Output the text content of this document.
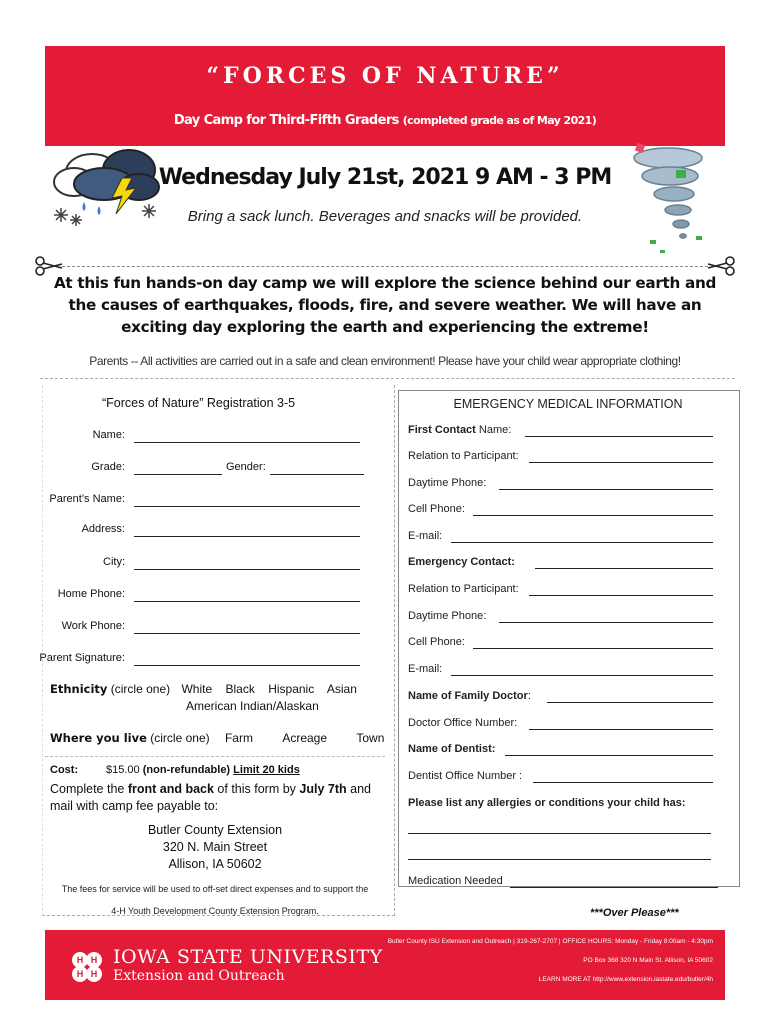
“FORCES OF NATURE”
Day Camp for Third-Fifth Graders (completed grade as of May 2021)
Wednesday July 21st, 2021 9 AM - 3 PM
Bring a sack lunch. Beverages and snacks will be provided.
At this fun hands-on day camp we will explore the science behind our earth and the causes of earthquakes, floods, fire, and severe weather. We will have an exciting day exploring the earth and experiencing the extreme!
Parents -- All activities are carried out in a safe and clean environment! Please have your child wear appropriate clothing!
“Forces of Nature” Registration 3-5
Name:
Grade:	Gender:
Parent’s Name:
Address:
City:
Home Phone:
Work Phone:
Parent Signature:
Ethnicity (circle one) White Black Hispanic Asian
American Indian/Alaskan
Where you live (circle one) Farm Acreage Town
Cost:	$15.00 (non-refundable) Limit 20 kids
Complete the front and back of this form by July 7th and mail with camp fee payable to:
Butler County Extension
320 N. Main Street
Allison, IA 50602
The fees for service will be used to off-set direct expenses and to support the
4-H Youth Development County Extension Program.
EMERGENCY MEDICAL INFORMATION
First Contact Name:
Relation to Participant:
Daytime Phone:
Cell Phone:
E-mail:
Emergency Contact:
Relation to Participant:
Daytime Phone:
Cell Phone:
E-mail:
Name of Family Doctor:
Doctor Office Number:
Name of Dentist:
Dentist Office Number :
Please list any allergies or conditions your child has:
Medication Needed
***Over Please***
H H
H H
IOWA STATE UNIVERSITY
Extension and Outreach
Butler County ISU Extension and Outreach | 319-267-2707 | OFFICE HOURS: Monday - Friday 8:00am - 4:30pm
PO Box 368 320 N Main St. Allison, IA 50602
LEARN MORE AT http://www.extension.iastate.edu/butler/4h
